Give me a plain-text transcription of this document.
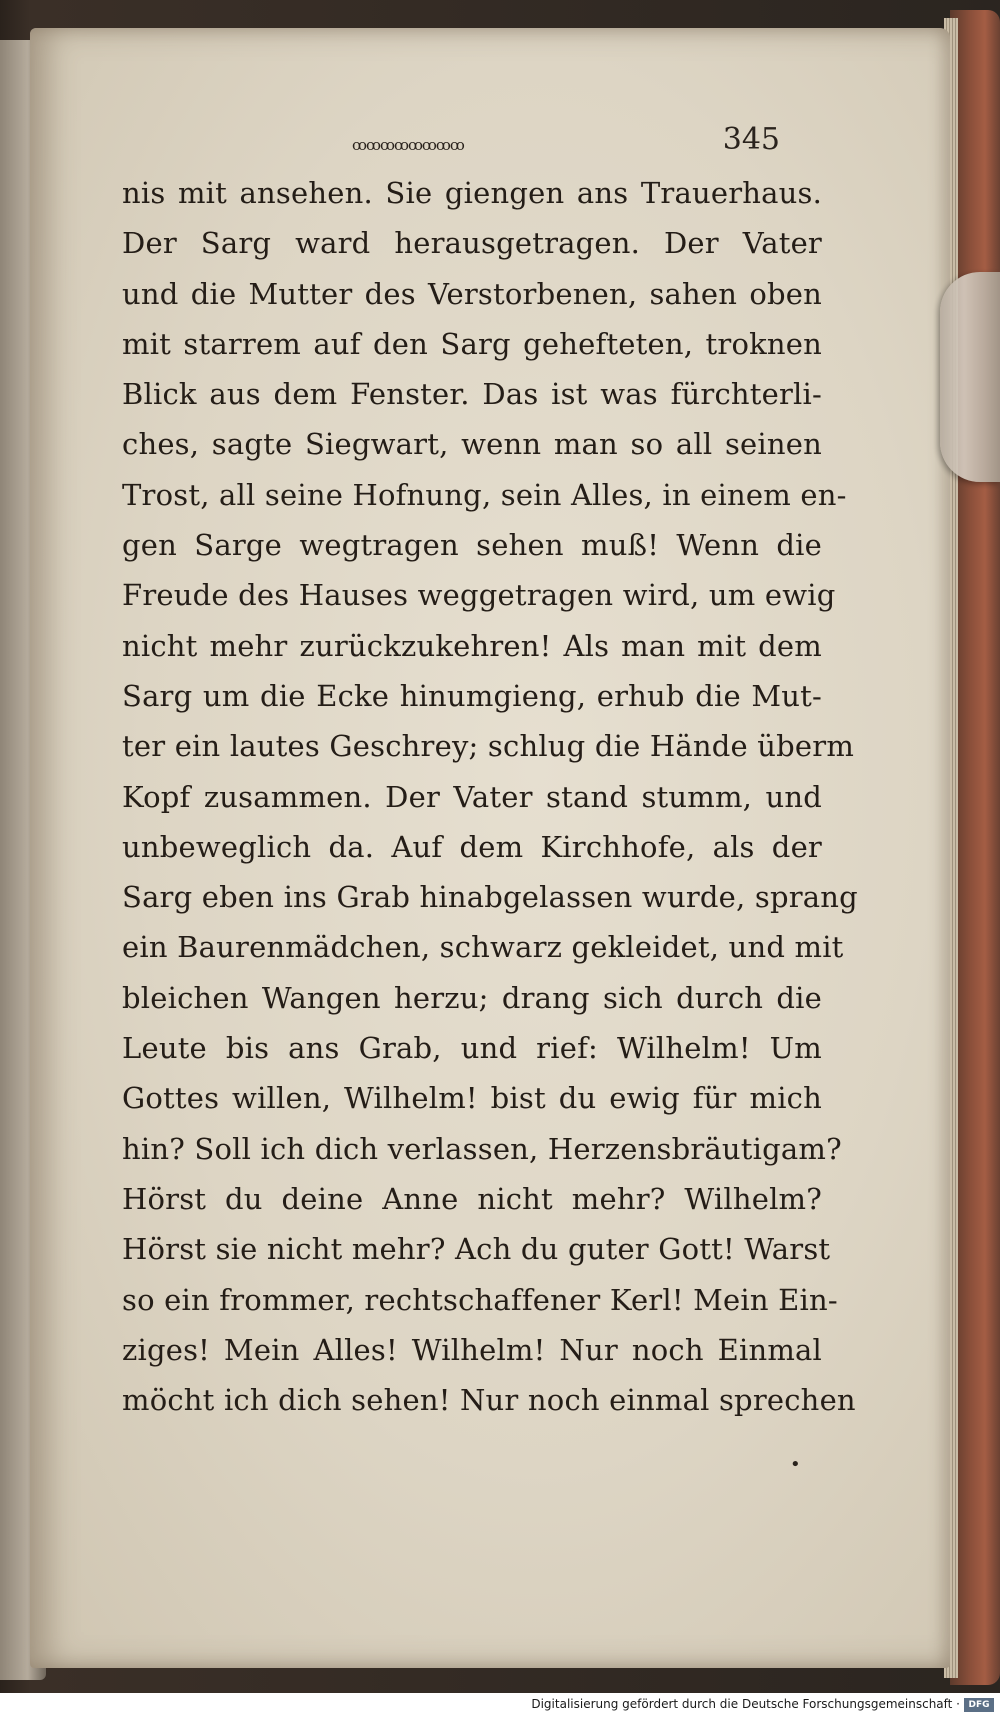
ꝏꝏꝏꝏꝏꝏꝏꝏ	345
nis mit ansehen. Sie giengen ans Trauerhaus.
Der Sarg ward herausgetragen. Der Vater
und die Mutter des Verstorbenen, sahen oben
mit starrem auf den Sarg gehefteten, troknen
Blick aus dem Fenster. Das ist was fürchterli-
ches, sagte Siegwart, wenn man so all seinen
Trost, all seine Hofnung, sein Alles, in einem en-
gen Sarge wegtragen sehen muß! Wenn die
Freude des Hauses weggetragen wird, um ewig
nicht mehr zurückzukehren! Als man mit dem
Sarg um die Ecke hinumgieng, erhub die Mut-
ter ein lautes Geschrey; schlug die Hände überm
Kopf zusammen. Der Vater stand stumm, und
unbeweglich da. Auf dem Kirchhofe, als der
Sarg eben ins Grab hinabgelassen wurde, sprang
ein Baurenmädchen, schwarz gekleidet, und mit
bleichen Wangen herzu; drang sich durch die
Leute bis ans Grab, und rief: Wilhelm! Um
Gottes willen, Wilhelm! bist du ewig für mich
hin? Soll ich dich verlassen, Herzensbräutigam?
Hörst du deine Anne nicht mehr? Wilhelm?
Hörst sie nicht mehr? Ach du guter Gott! Warst
so ein frommer, rechtschaffener Kerl! Mein Ein-
ziges! Mein Alles! Wilhelm! Nur noch Einmal
möcht ich dich sehen! Nur noch einmal sprechen
•
Digitalisierung gefördert durch die Deutsche Forschungsgemeinschaft · DFG
